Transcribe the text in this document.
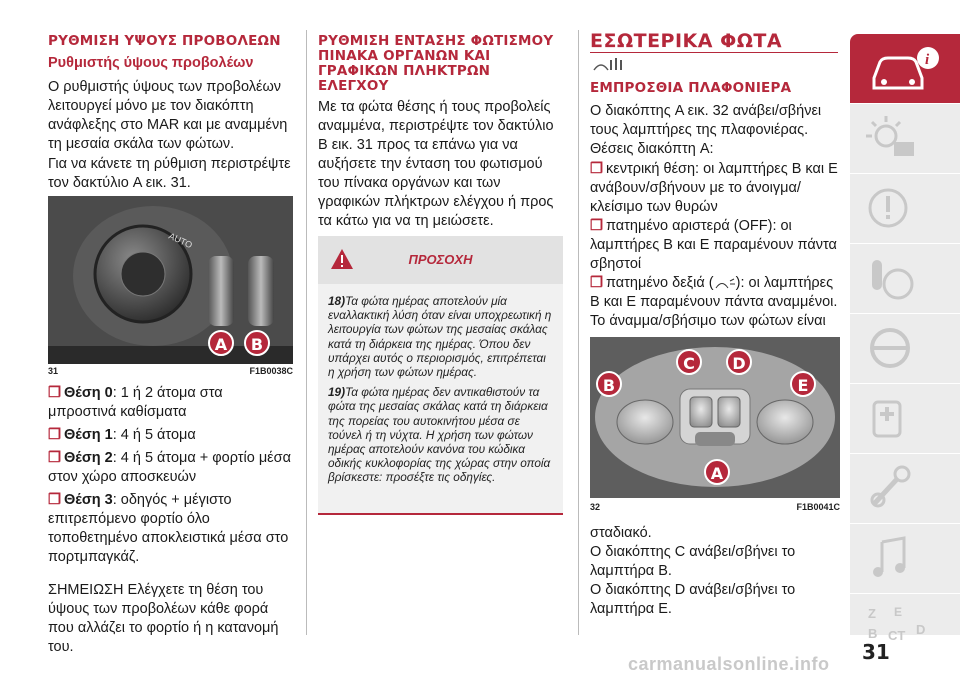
ΡΥΘΜΙΣΗ ΥΨΟΥΣ ΠΡΟΒΟΛΕΩΝ
Ρυθμιστής ύψους προβολέων

Ο ρυθμιστής ύψους των προβολέων λειτουργεί μόνο με τον διακόπτη ανάφλεξης στο MAR και με αναμμένη τη μεσαία σκάλα των φώτων.

Για να κάνετε τη ρύθμιση περιστρέψτε τον δακτύλιο A εικ. 31.

AUTO
A	B
31	F1B0038C

❐ Θέση 0: 1 ή 2 άτομα στα μπροστινά καθίσματα

❐ Θέση 1: 4 ή 5 άτομα

❐ Θέση 2: 4 ή 5 άτομα + φορτίο μέσα στον χώρο αποσκευών

❐ Θέση 3: οδηγός + μέγιστο επιτρεπόμενο φορτίο όλο τοποθετημένο αποκλειστικά μέσα στο πορτμπαγκάζ.

ΣΗΜΕΙΩΣΗ Ελέγχετε τη θέση του ύψους των προβολέων κάθε φορά που αλλάζει το φορτίο ή η κατανομή του.

ΡΥΘΜΙΣΗ ΕΝΤΑΣΗΣ ΦΩΤΙΣΜΟΥ ΠΙΝΑΚΑ ΟΡΓΑΝΩΝ ΚΑΙ ΓΡΑΦΙΚΩΝ ΠΛΗΚΤΡΩΝ ΕΛΕΓΧΟΥ

Με τα φώτα θέσης ή τους προβολείς αναμμένα, περιστρέψτε τον δακτύλιο B εικ. 31 προς τα επάνω για να αυξήσετε την ένταση του φωτισμού του πίνακα οργάνων και των γραφικών πλήκτρων ελέγχου ή προς τα κάτω για να τη μειώσετε.

ΠΡΟΣΟΧΗ

18)Τα φώτα ημέρας αποτελούν μία εναλλακτική λύση όταν είναι υποχρεωτική η λειτουργία των φώτων της μεσαίας σκάλας κατά τη διάρκεια της ημέρας. Όπου δεν υπάρχει αυτός ο περιορισμός, επιτρέπεται η χρήση των φώτων ημέρας.

19)Τα φώτα ημέρας δεν αντικαθιστούν τα φώτα της μεσαίας σκάλας κατά τη διάρκεια της πορείας του αυτοκινήτου μέσα σε τούνελ ή τη νύχτα. Η χρήση των φώτων ημέρας αποτελούν κανόνα του κώδικα οδικής κυκλοφορίας της χώρας στην οποία βρίσκεστε: προσέξτε τις οδηγίες.

ΕΣΩΤΕΡΙΚΑ ΦΩΤΑ
ΕΜΠΡΟΣΘΙΑ ΠΛΑΦΟΝΙΕΡΑ

Ο διακόπτης A εικ. 32 ανάβει/σβήνει τους λαμπτήρες της πλαφονιέρας. Θέσεις διακόπτη A:

❐ κεντρική θέση: οι λαμπτήρες B και E ανάβουν/σβήνουν με το άνοιγμα/κλείσιμο των θυρών

❐ πατημένο αριστερά (OFF): οι λαμπτήρες B και E παραμένουν πάντα σβηστοί

❐ πατημένο δεξιά ( ): οι λαμπτήρες B και E παραμένουν πάντα αναμμένοι. Το άναμμα/σβήσιμο των φώτων είναι

B
C	D
E
A
32	F1B0041C

σταδιακό.

Ο διακόπτης C ανάβει/σβήνει το λαμπτήρα B.

Ο διακόπτης D ανάβει/σβήνει το λαμπτήρα E.

i
Z E
B CT D
31
carmanualsonline.info
